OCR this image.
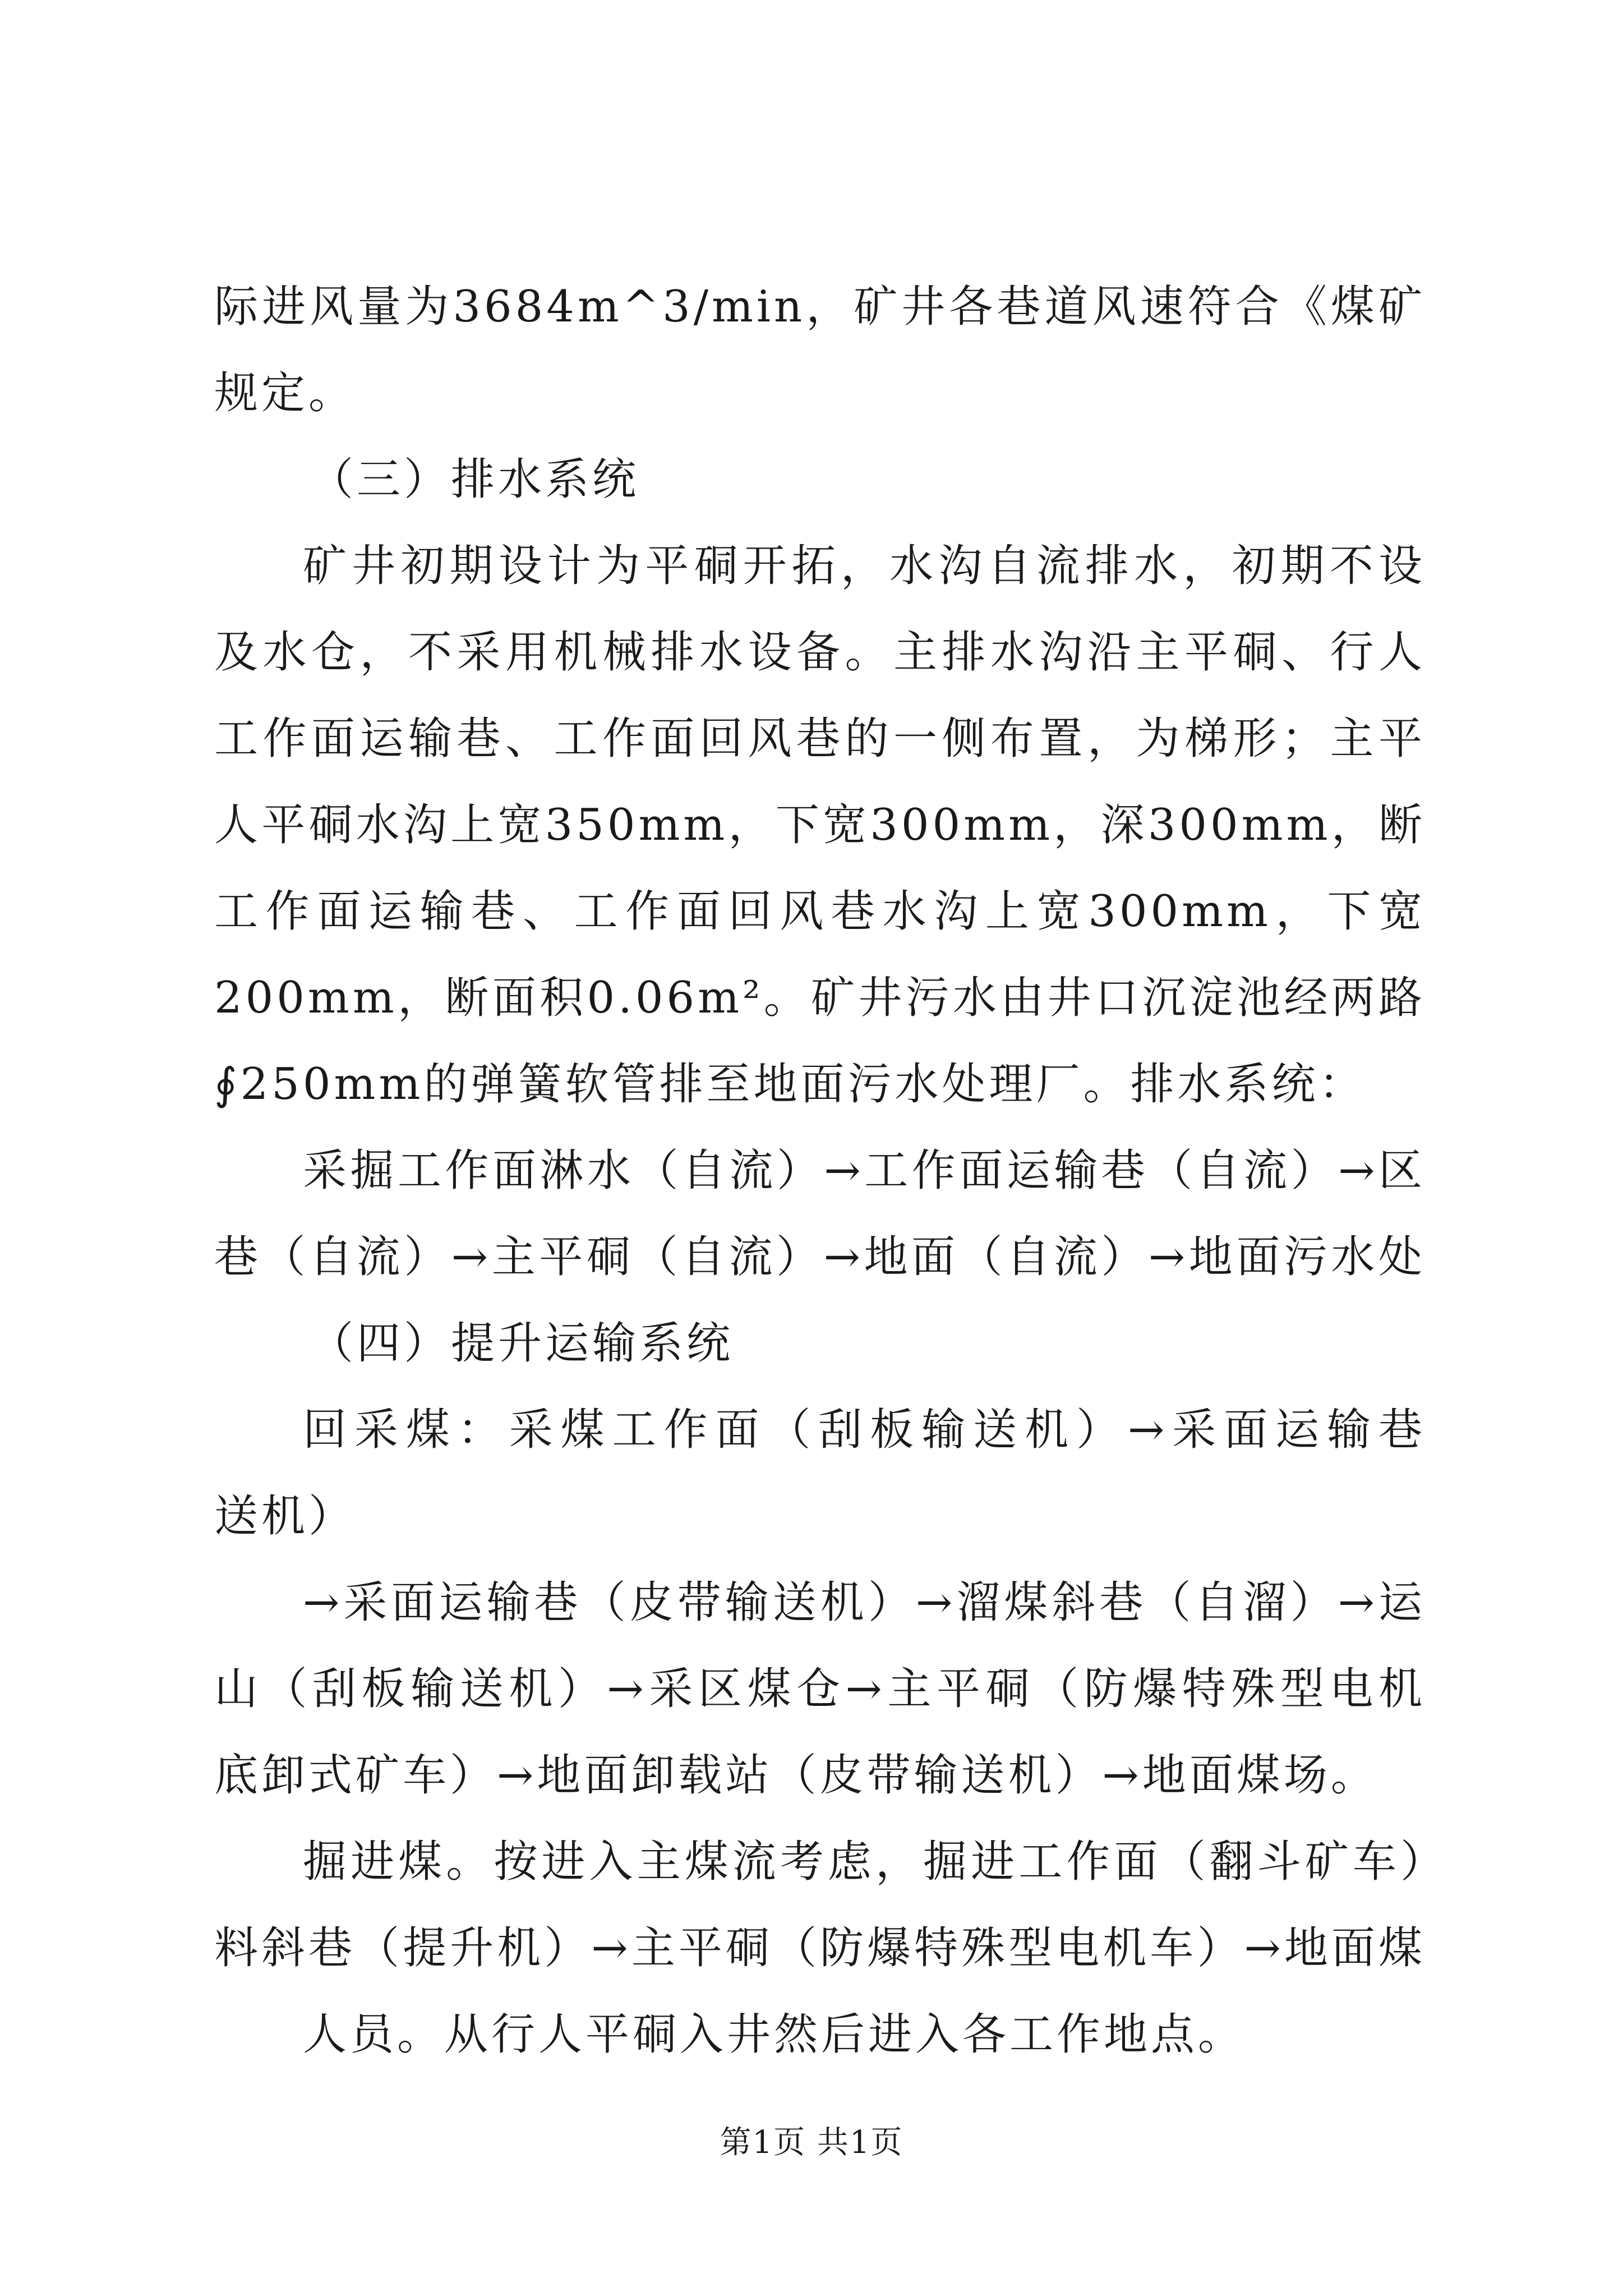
际进风量为3684m^3/min，矿井各巷道风速符合《煤矿
规定。
（三）排水系统
矿井初期设计为平硐开拓，水沟自流排水，初期不设
及水仓，不采用机械排水设备。主排水沟沿主平硐、行人
工作面运输巷、工作面回风巷的一侧布置，为梯形；主平
人平硐水沟上宽350mm，下宽300mm，深300mm，断
工作面运输巷、工作面回风巷水沟上宽300mm，下宽
200mm，断面积0.06m²。矿井污水由井口沉淀池经两路
∮250mm的弹簧软管排至地面污水处理厂。排水系统：
采掘工作面淋水（自流）→工作面运输巷（自流）→区
巷（自流）→主平硐（自流）→地面（自流）→地面污水处
（四）提升运输系统
回采煤：采煤工作面（刮板输送机）→采面运输巷
送机）
→采面运输巷（皮带输送机）→溜煤斜巷（自溜）→运
山（刮板输送机）→采区煤仓→主平硐（防爆特殊型电机
底卸式矿车）→地面卸载站（皮带输送机）→地面煤场。
掘进煤。按进入主煤流考虑，掘进工作面（翻斗矿车）
料斜巷（提升机）→主平硐（防爆特殊型电机车）→地面煤
人员。从行人平硐入井然后进入各工作地点。
第1页 共1页
